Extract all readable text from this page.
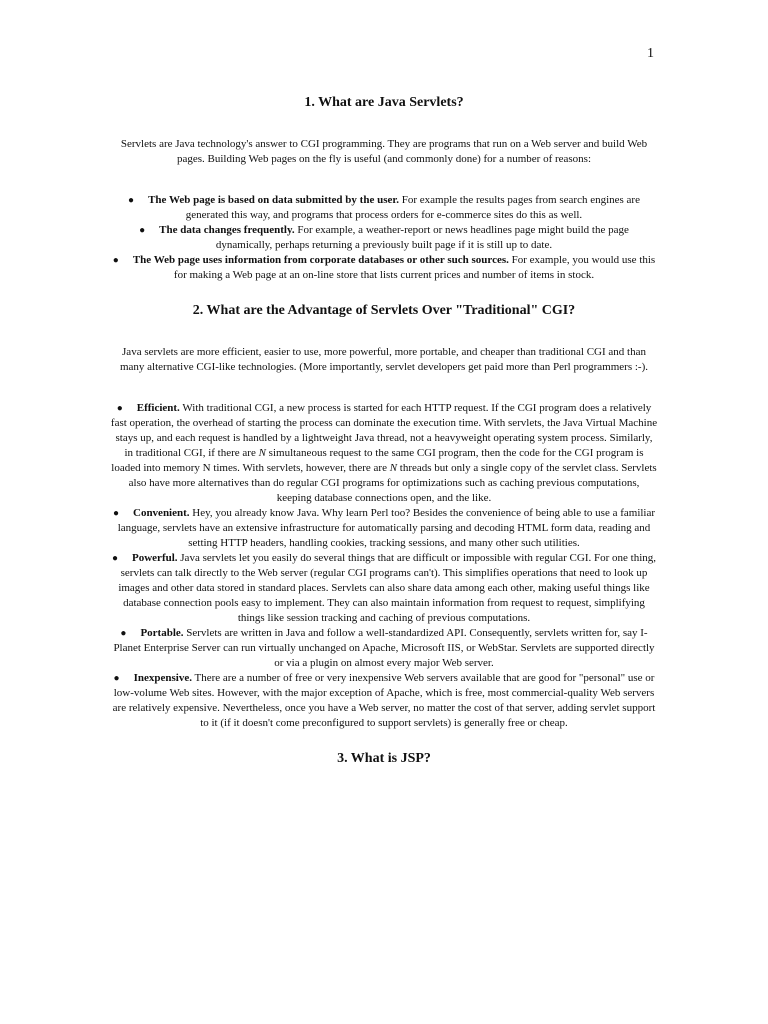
1
1. What are Java Servlets?

Servlets are Java technology's answer to CGI programming. They are programs that run on a Web server and build Web pages. Building Web pages on the fly is useful (and commonly done) for a number of reasons:

● The Web page is based on data submitted by the user. For example the results pages from search engines are generated this way, and programs that process orders for e-commerce sites do this as well.
● The data changes frequently. For example, a weather-report or news headlines page might build the page dynamically, perhaps returning a previously built page if it is still up to date.
● The Web page uses information from corporate databases or other such sources. For example, you would use this for making a Web page at an on-line store that lists current prices and number of items in stock.
2. What are the Advantage of Servlets Over "Traditional" CGI?

Java servlets are more efficient, easier to use, more powerful, more portable, and cheaper than traditional CGI and than many alternative CGI-like technologies. (More importantly, servlet developers get paid more than Perl programmers :-).

● Efficient. With traditional CGI, a new process is started for each HTTP request. If the CGI program does a relatively fast operation, the overhead of starting the process can dominate the execution time. With servlets, the Java Virtual Machine stays up, and each request is handled by a lightweight Java thread, not a heavyweight operating system process. Similarly, in traditional CGI, if there are N simultaneous request to the same CGI program, then the code for the CGI program is loaded into memory N times. With servlets, however, there are N threads but only a single copy of the servlet class. Servlets also have more alternatives than do regular CGI programs for optimizations such as caching previous computations, keeping database connections open, and the like.
● Convenient. Hey, you already know Java. Why learn Perl too? Besides the convenience of being able to use a familiar language, servlets have an extensive infrastructure for automatically parsing and decoding HTML form data, reading and setting HTTP headers, handling cookies, tracking sessions, and many other such utilities.
● Powerful. Java servlets let you easily do several things that are difficult or impossible with regular CGI. For one thing, servlets can talk directly to the Web server (regular CGI programs can't). This simplifies operations that need to look up images and other data stored in standard places. Servlets can also share data among each other, making useful things like database connection pools easy to implement. They can also maintain information from request to request, simplifying things like session tracking and caching of previous computations.
● Portable. Servlets are written in Java and follow a well-standardized API. Consequently, servlets written for, say I-Planet Enterprise Server can run virtually unchanged on Apache, Microsoft IIS, or WebStar. Servlets are supported directly or via a plugin on almost every major Web server.
● Inexpensive. There are a number of free or very inexpensive Web servers available that are good for "personal" use or low-volume Web sites. However, with the major exception of Apache, which is free, most commercial-quality Web servers are relatively expensive. Nevertheless, once you have a Web server, no matter the cost of that server, adding servlet support to it (if it doesn't come preconfigured to support servlets) is generally free or cheap.
3. What is JSP?
